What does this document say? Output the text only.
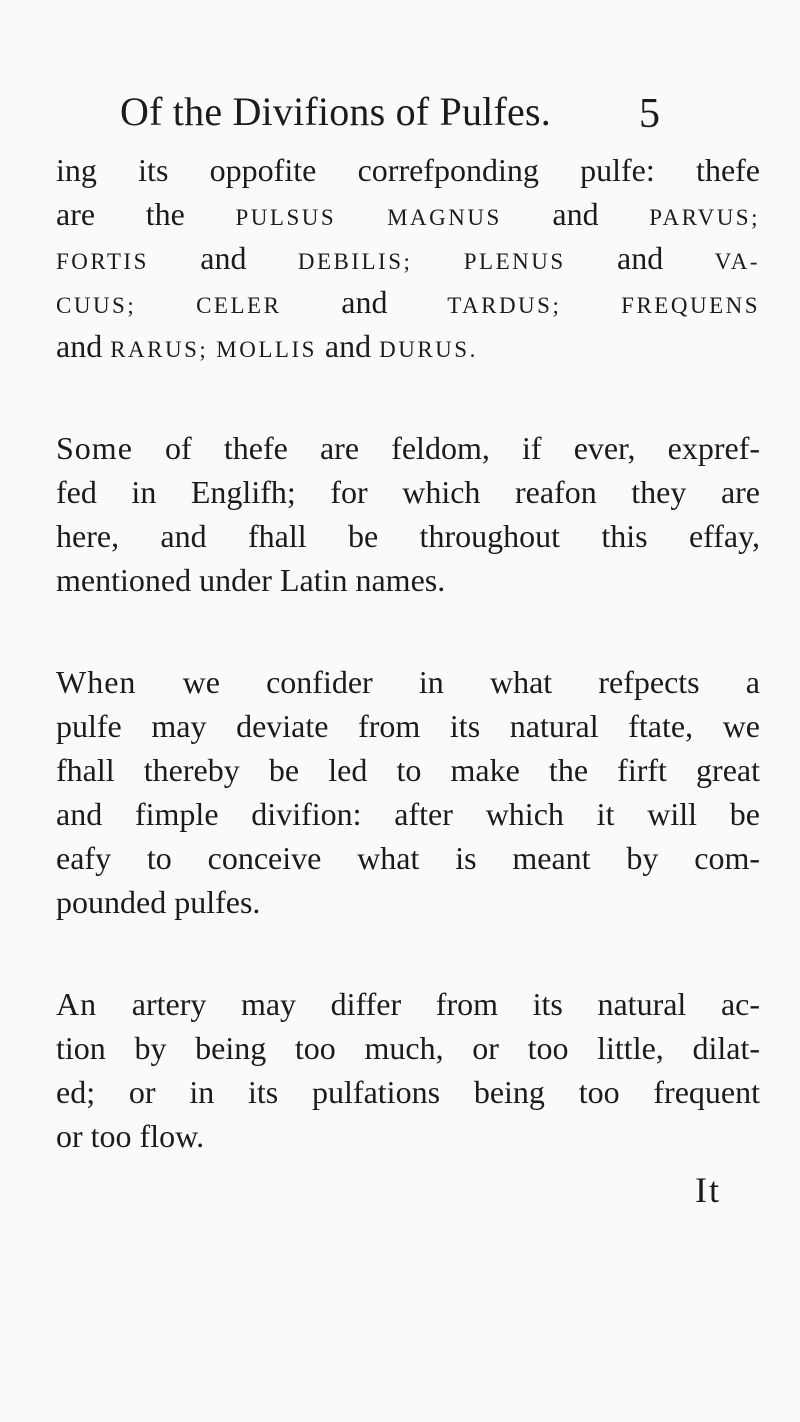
Of the Divifions of Pulfes. 5
ing its oppofite correfponding pulfe: thefe
are the PULSUS MAGNUS and PARVUS;
FORTIS and DEBILIS; PLENUS and VA-
CUUS;	CELER and	TARDUS;	FREQUENS
and RARUS; MOLLIS and DURUS.
Some of thefe are feldom, if ever, expref-
fed in Englifh; for which reafon they are
here, and fhall be throughout this effay,
mentioned under Latin names.
When we confider in what refpects a
pulfe may deviate from its natural ftate, we
fhall thereby be led to make the firft great
and fimple divifion: after which it will be
eafy to conceive what is meant by com-
pounded pulfes.
An artery may differ from its natural ac-
tion by being too much, or too little, dilat-
ed; or in its pulfations being too frequent
or too flow.
It
